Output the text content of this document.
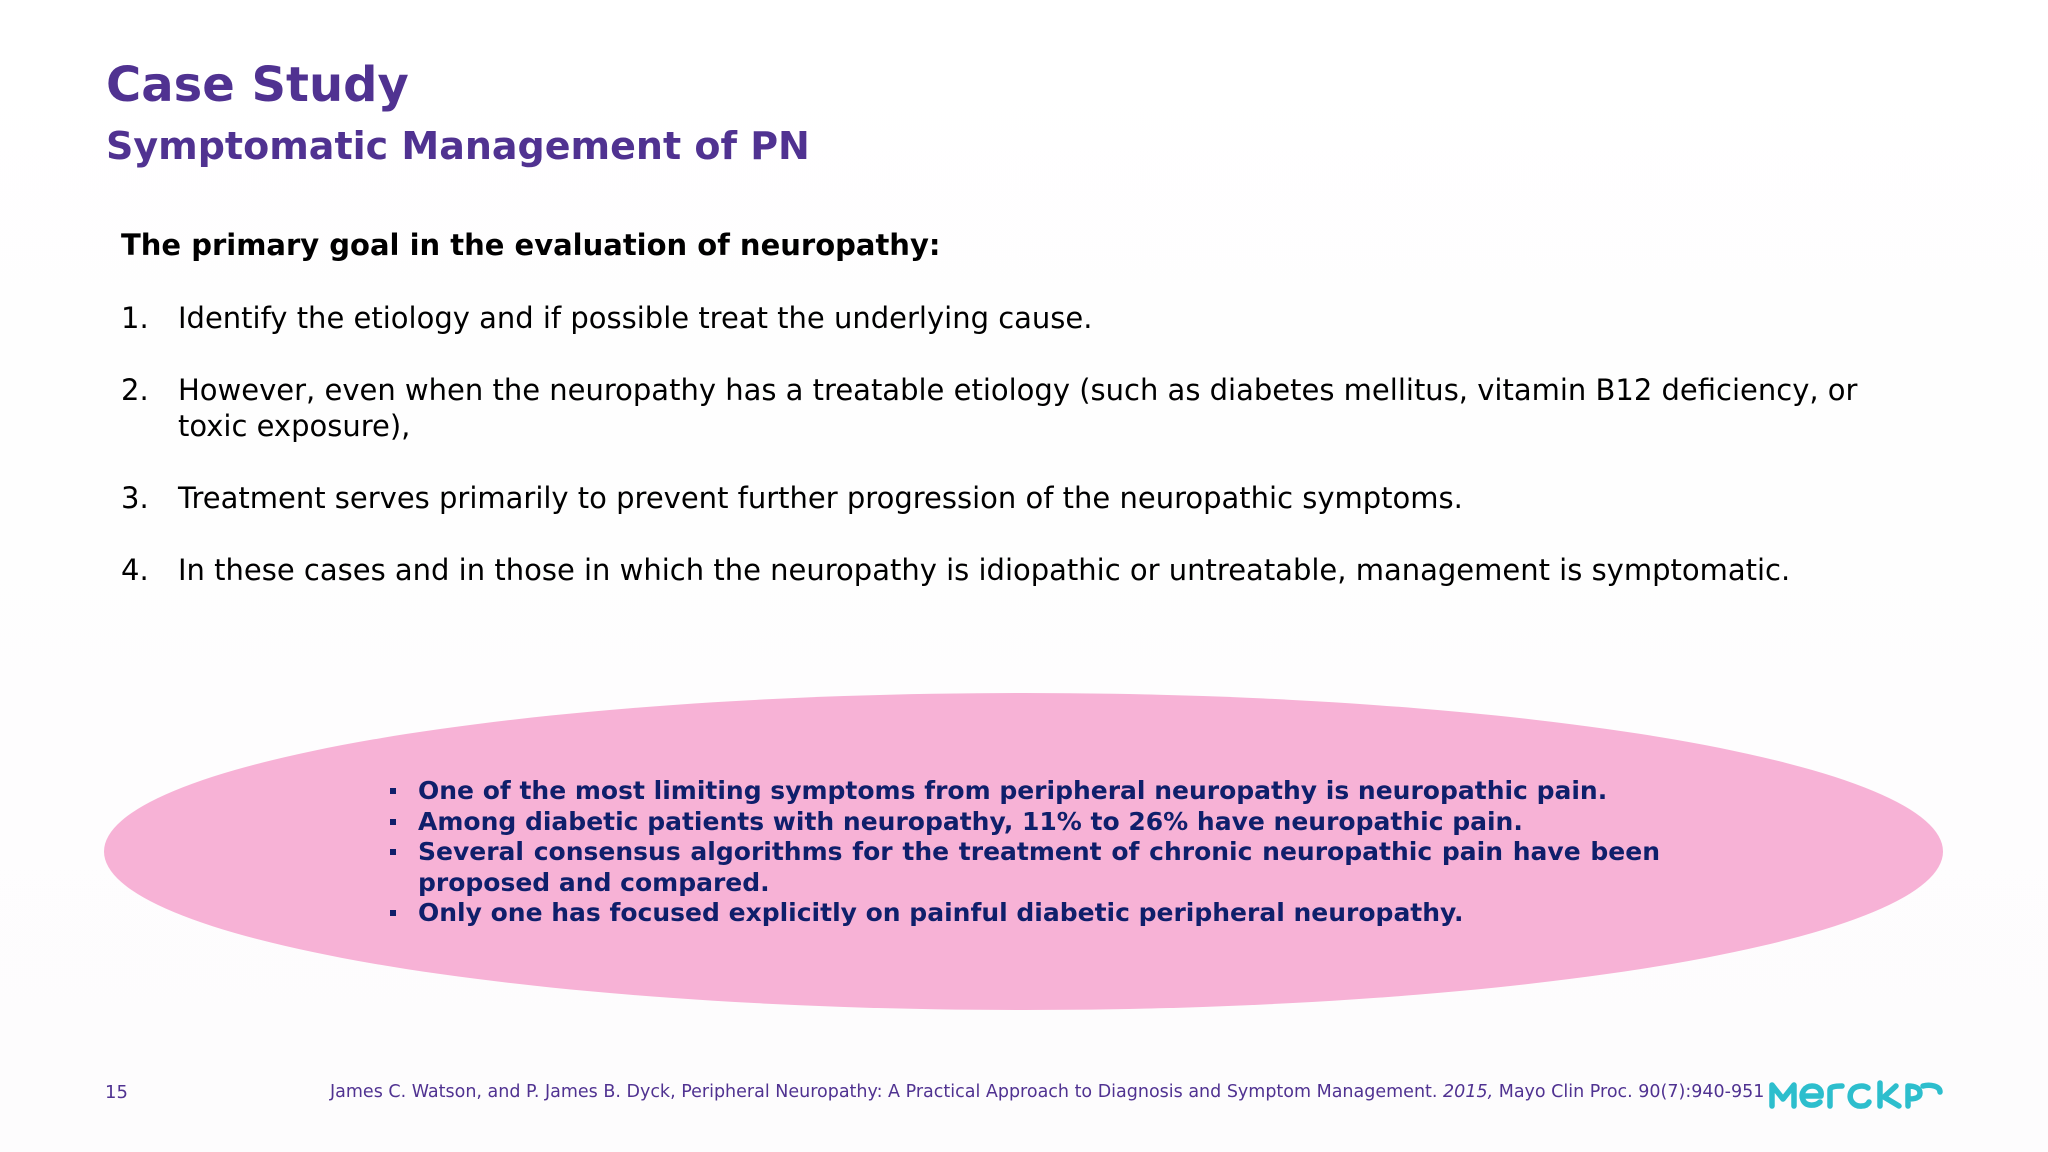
Case Study
Symptomatic Management of PN

The primary goal in the evaluation of neuropathy:

1. Identify the etiology and if possible treat the underlying cause.
2. However, even when the neuropathy has a treatable etiology (such as diabetes mellitus, vitamin B12 deficiency, or toxic exposure),
3. Treatment serves primarily to prevent further progression of the neuropathic symptoms.
4. In these cases and in those in which the neuropathy is idiopathic or untreatable, management is symptomatic.
One of the most limiting symptoms from peripheral neuropathy is neuropathic pain.
Among diabetic patients with neuropathy, 11% to 26% have neuropathic pain.
Several consensus algorithms for the treatment of chronic neuropathic pain have been proposed and compared.
Only one has focused explicitly on painful diabetic peripheral neuropathy.

15	James C. Watson, and P. James B. Dyck, Peripheral Neuropathy: A Practical Approach to Diagnosis and Symptom Management. 2015, Mayo Clin Proc. 90(7):940-951
